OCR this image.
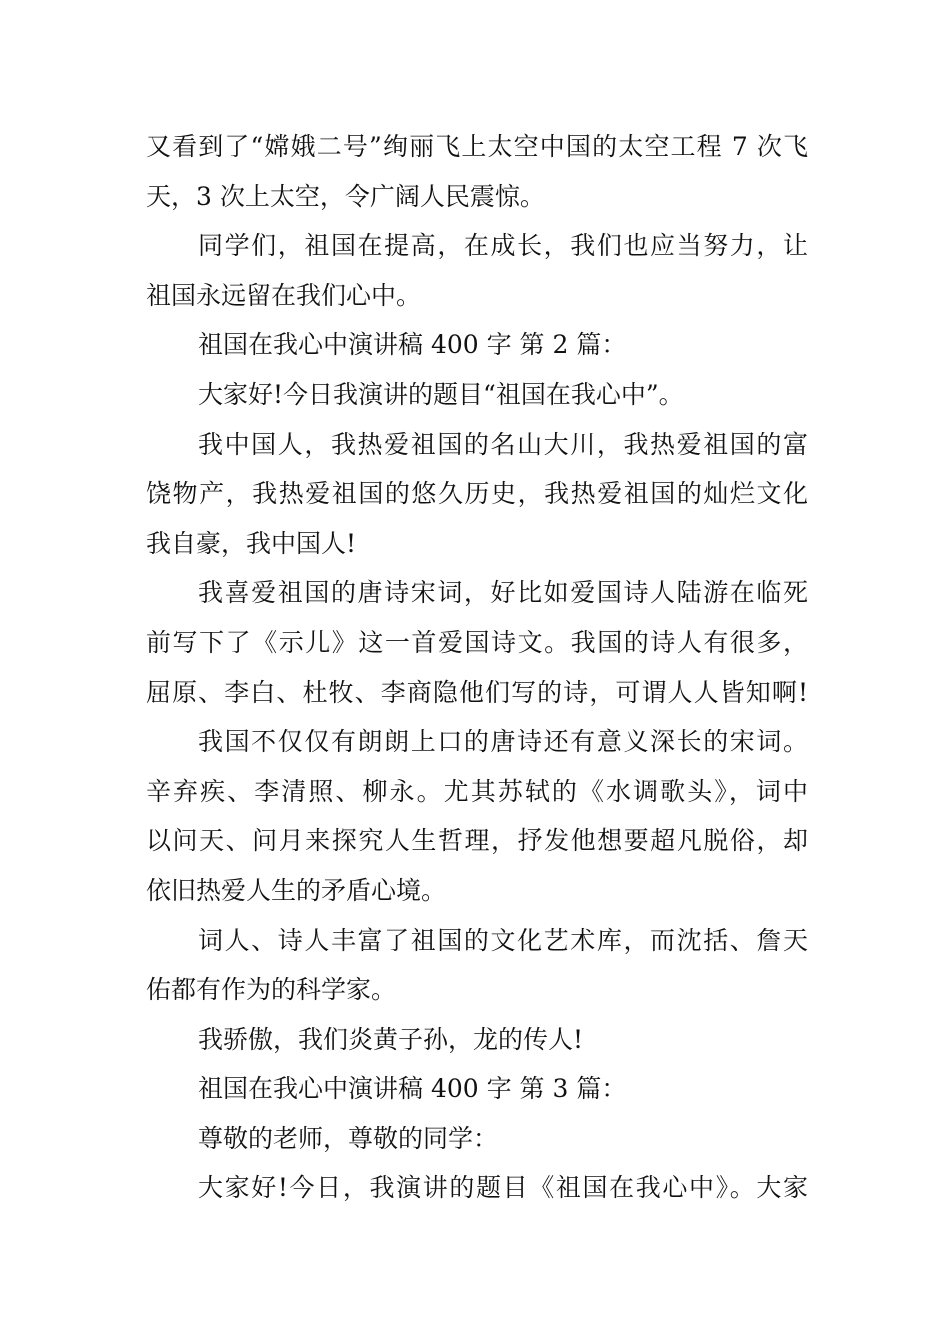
又看到了“嫦娥二号”绚丽飞上太空中国的太空工程 7 次飞
天，3 次上太空，令广阔人民震惊。
同学们，祖国在提高，在成长，我们也应当努力，让
祖国永远留在我们心中。
祖国在我心中演讲稿 400 字 第 2 篇：
大家好!今日我演讲的题目“祖国在我心中”。
我中国人，我热爱祖国的名山大川，我热爱祖国的富
饶物产，我热爱祖国的悠久历史，我热爱祖国的灿烂文化
我自豪，我中国人!
我喜爱祖国的唐诗宋词，好比如爱国诗人陆游在临死
前写下了《示儿》这一首爱国诗文。我国的诗人有很多，
屈原、李白、杜牧、李商隐他们写的诗，可谓人人皆知啊!
我国不仅仅有朗朗上口的唐诗还有意义深长的宋词。
辛弃疾、李清照、柳永。尤其苏轼的《水调歌头》，词中
以问天、问月来探究人生哲理，抒发他想要超凡脱俗，却
依旧热爱人生的矛盾心境。
词人、诗人丰富了祖国的文化艺术库，而沈括、詹天
佑都有作为的科学家。
我骄傲，我们炎黄子孙，龙的传人!
祖国在我心中演讲稿 400 字 第 3 篇：
尊敬的老师，尊敬的同学：
大家好!今日，我演讲的题目《祖国在我心中》。大家
